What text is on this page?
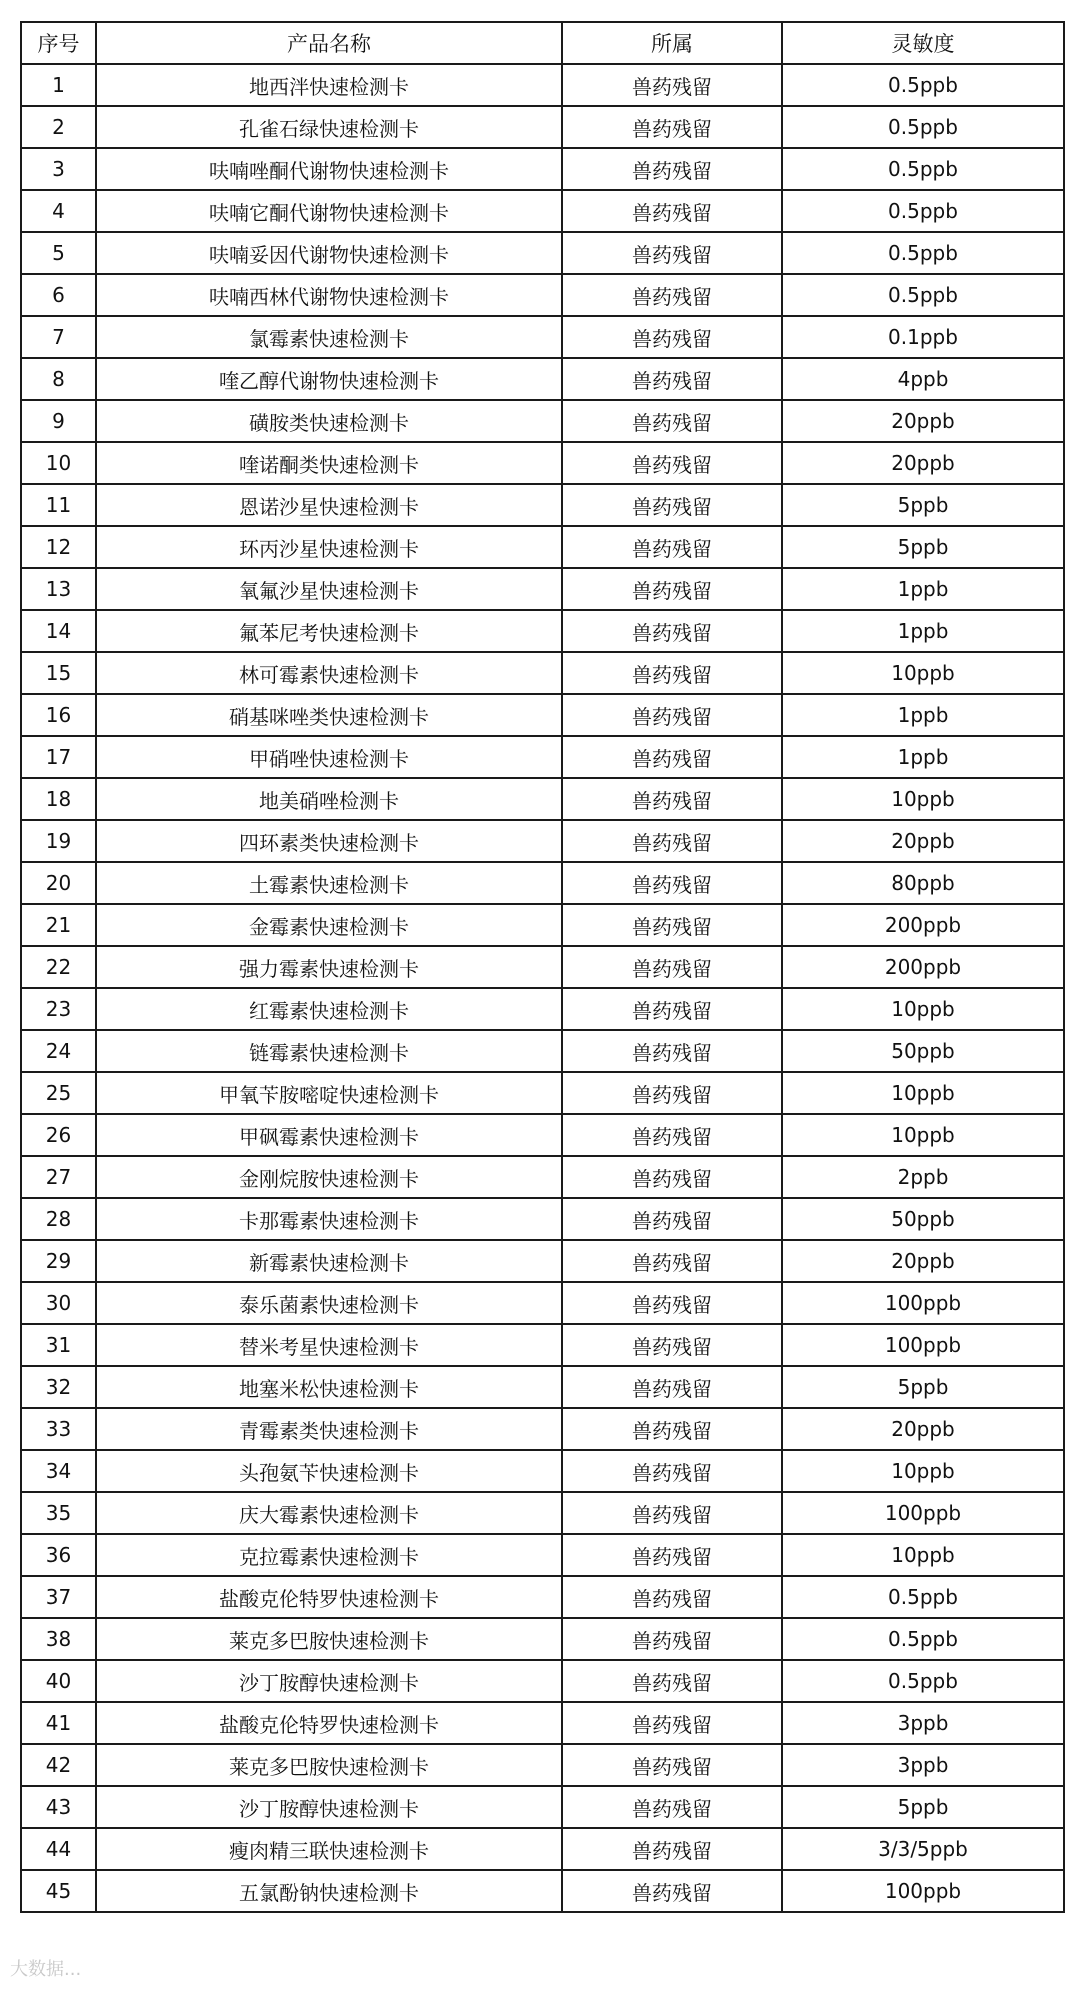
序号	产品名称	所属	灵敏度
1	地西泮快速检测卡	兽药残留	0.5ppb
2	孔雀石绿快速检测卡	兽药残留	0.5ppb
3	呋喃唑酮代谢物快速检测卡	兽药残留	0.5ppb
4	呋喃它酮代谢物快速检测卡	兽药残留	0.5ppb
5	呋喃妥因代谢物快速检测卡	兽药残留	0.5ppb
6	呋喃西林代谢物快速检测卡	兽药残留	0.5ppb
7	氯霉素快速检测卡	兽药残留	0.1ppb
8	喹乙醇代谢物快速检测卡	兽药残留	4ppb
9	磺胺类快速检测卡	兽药残留	20ppb
10	喹诺酮类快速检测卡	兽药残留	20ppb
11	恩诺沙星快速检测卡	兽药残留	5ppb
12	环丙沙星快速检测卡	兽药残留	5ppb
13	氧氟沙星快速检测卡	兽药残留	1ppb
14	氟苯尼考快速检测卡	兽药残留	1ppb
15	林可霉素快速检测卡	兽药残留	10ppb
16	硝基咪唑类快速检测卡	兽药残留	1ppb
17	甲硝唑快速检测卡	兽药残留	1ppb
18	地美硝唑检测卡	兽药残留	10ppb
19	四环素类快速检测卡	兽药残留	20ppb
20	土霉素快速检测卡	兽药残留	80ppb
21	金霉素快速检测卡	兽药残留	200ppb
22	强力霉素快速检测卡	兽药残留	200ppb
23	红霉素快速检测卡	兽药残留	10ppb
24	链霉素快速检测卡	兽药残留	50ppb
25	甲氧苄胺嘧啶快速检测卡	兽药残留	10ppb
26	甲砜霉素快速检测卡	兽药残留	10ppb
27	金刚烷胺快速检测卡	兽药残留	2ppb
28	卡那霉素快速检测卡	兽药残留	50ppb
29	新霉素快速检测卡	兽药残留	20ppb
30	泰乐菌素快速检测卡	兽药残留	100ppb
31	替米考星快速检测卡	兽药残留	100ppb
32	地塞米松快速检测卡	兽药残留	5ppb
33	青霉素类快速检测卡	兽药残留	20ppb
34	头孢氨苄快速检测卡	兽药残留	10ppb
35	庆大霉素快速检测卡	兽药残留	100ppb
36	克拉霉素快速检测卡	兽药残留	10ppb
37	盐酸克伦特罗快速检测卡	兽药残留	0.5ppb
38	莱克多巴胺快速检测卡	兽药残留	0.5ppb
40	沙丁胺醇快速检测卡	兽药残留	0.5ppb
41	盐酸克伦特罗快速检测卡	兽药残留	3ppb
42	莱克多巴胺快速检测卡	兽药残留	3ppb
43	沙丁胺醇快速检测卡	兽药残留	5ppb
44	瘦肉精三联快速检测卡	兽药残留	3/3/5ppb
45	五氯酚钠快速检测卡	兽药残留	100ppb
大数据...
